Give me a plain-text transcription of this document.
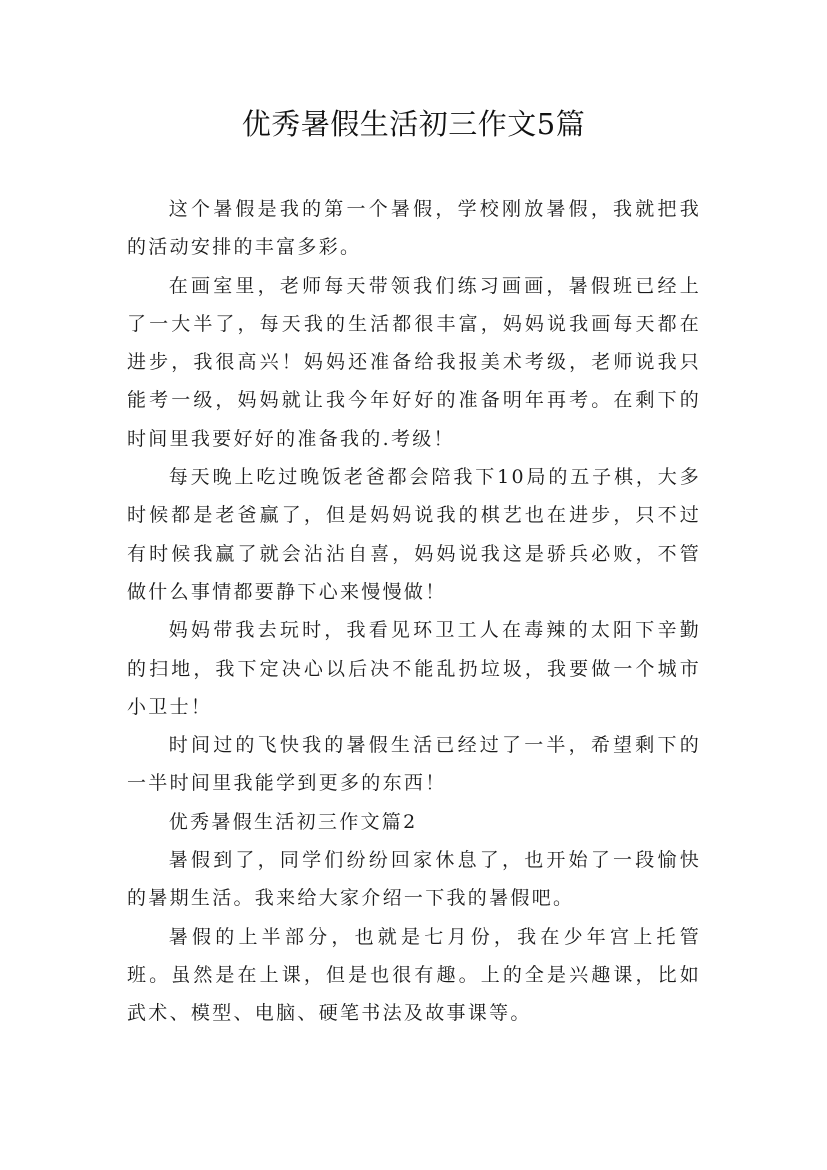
优秀暑假生活初三作文5篇

这个暑假是我的第一个暑假，学校刚放暑假，我就把我的活动安排的丰富多彩。

在画室里，老师每天带领我们练习画画，暑假班已经上了一大半了，每天我的生活都很丰富，妈妈说我画每天都在进步，我很高兴！妈妈还准备给我报美术考级，老师说我只能考一级，妈妈就让我今年好好的准备明年再考。在剩下的时间里我要好好的准备我的.考级！

每天晚上吃过晚饭老爸都会陪我下10局的五子棋，大多时候都是老爸赢了，但是妈妈说我的棋艺也在进步，只不过有时候我赢了就会沾沾自喜，妈妈说我这是骄兵必败，不管做什么事情都要静下心来慢慢做！

妈妈带我去玩时，我看见环卫工人在毒辣的太阳下辛勤的扫地，我下定决心以后决不能乱扔垃圾，我要做一个城市小卫士！

时间过的飞快我的暑假生活已经过了一半，希望剩下的一半时间里我能学到更多的东西！

优秀暑假生活初三作文篇2

暑假到了，同学们纷纷回家休息了，也开始了一段愉快的暑期生活。我来给大家介绍一下我的暑假吧。

暑假的上半部分，也就是七月份，我在少年宫上托管班。虽然是在上课，但是也很有趣。上的全是兴趣课，比如武术、模型、电脑、硬笔书法及故事课等。
